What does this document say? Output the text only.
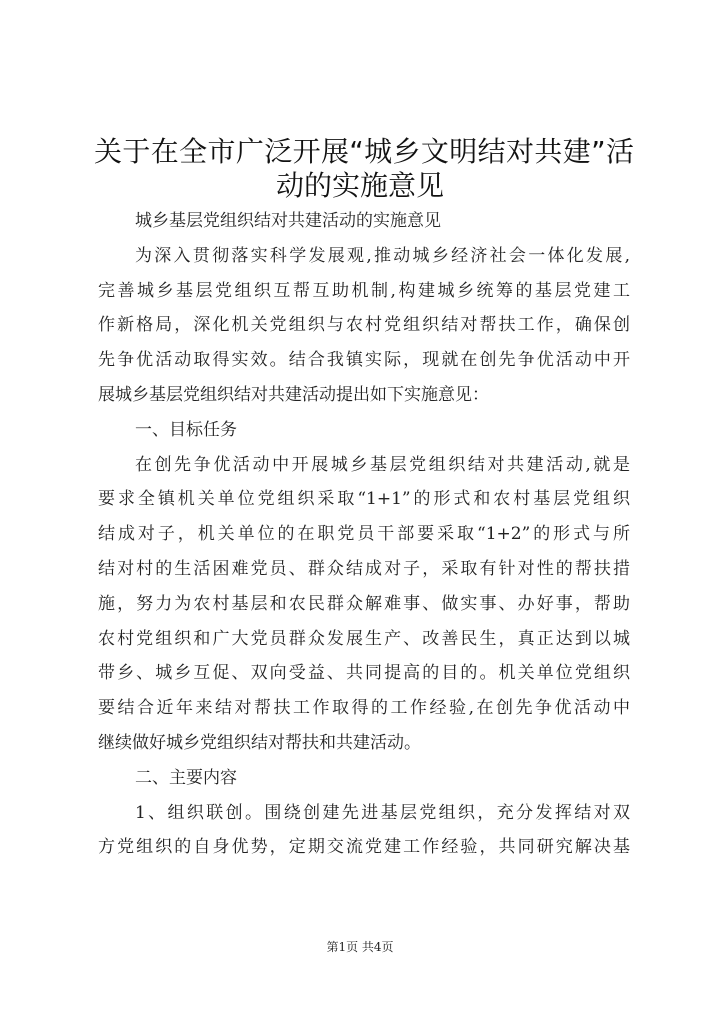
关于在全市广泛开展“城乡文明结对共建”活
动的实施意见
城乡基层党组织结对共建活动的实施意见
为深入贯彻落实科学发展观,推动城乡经济社会一体化发展,
完善城乡基层党组织互帮互助机制,构建城乡统筹的基层党建工
作新格局，深化机关党组织与农村党组织结对帮扶工作，确保创
先争优活动取得实效。结合我镇实际，现就在创先争优活动中开
展城乡基层党组织结对共建活动提出如下实施意见：
一、目标任务
在创先争优活动中开展城乡基层党组织结对共建活动,就是
要求全镇机关单位党组织采取“1+1”的形式和农村基层党组织
结成对子，机关单位的在职党员干部要采取“1+2”的形式与所
结对村的生活困难党员、群众结成对子，采取有针对性的帮扶措
施，努力为农村基层和农民群众解难事、做实事、办好事，帮助
农村党组织和广大党员群众发展生产、改善民生，真正达到以城
带乡、城乡互促、双向受益、共同提高的目的。机关单位党组织
要结合近年来结对帮扶工作取得的工作经验,在创先争优活动中
继续做好城乡党组织结对帮扶和共建活动。
二、主要内容
1、组织联创。围绕创建先进基层党组织，充分发挥结对双
方党组织的自身优势，定期交流党建工作经验，共同研究解决基
第1页 共4页
